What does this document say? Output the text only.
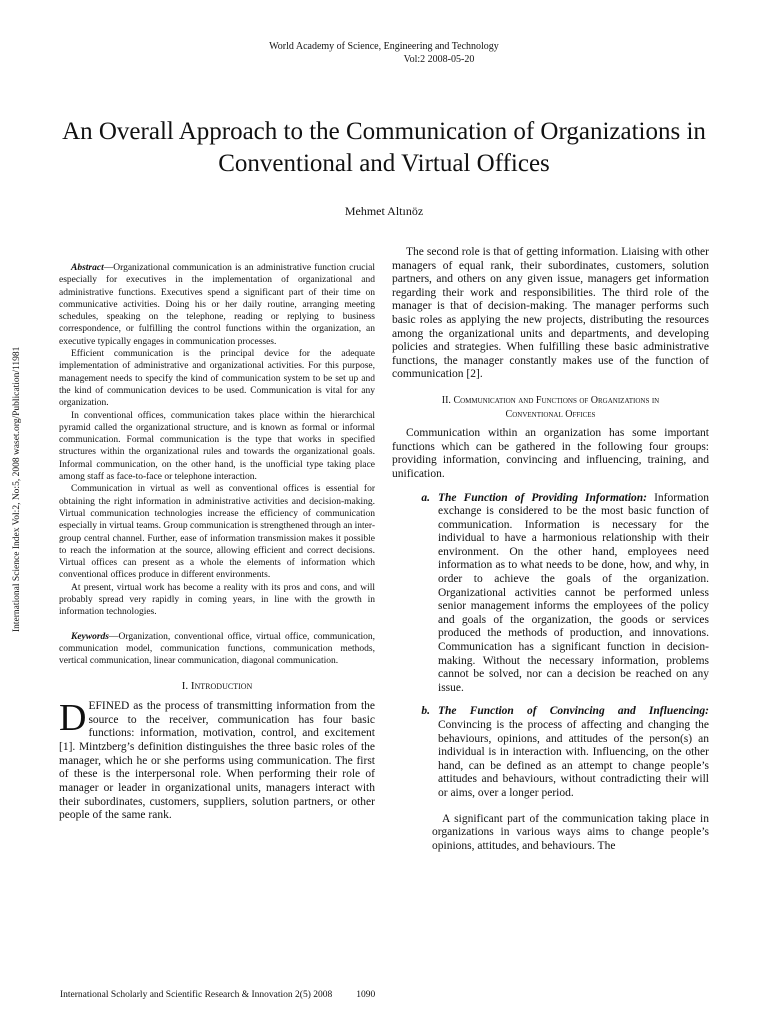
World Academy of Science, Engineering and Technology
Vol:2 2008-05-20
An Overall Approach to the Communication of Organizations in Conventional and Virtual Offices
Mehmet Altınöz
International Science Index Vol:2, No:5, 2008 waset.org/Publication/11981

Abstract—Organizational communication is an administrative function crucial especially for executives in the implementation of organizational and administrative functions. Executives spend a significant part of their time on communicative activities. Doing his or her daily routine, arranging meeting schedules, speaking on the telephone, reading or replying to business correspondence, or fulfilling the control functions within the organization, an executive typically engages in communication processes.

Efficient communication is the principal device for the adequate implementation of administrative and organizational activities. For this purpose, management needs to specify the kind of communication system to be set up and the kind of communication devices to be used. Communication is vital for any organization.

In conventional offices, communication takes place within the hierarchical pyramid called the organizational structure, and is known as formal or informal communication. Formal communication is the type that works in specified structures within the organizational rules and towards the organizational goals. Informal communication, on the other hand, is the unofficial type taking place among staff as face-to-face or telephone interaction.

Communication in virtual as well as conventional offices is essential for obtaining the right information in administrative activities and decision-making. Virtual communication technologies increase the efficiency of communication especially in virtual teams. Group communication is strengthened through an inter-group central channel. Further, ease of information transmission makes it possible to reach the information at the source, allowing efficient and correct decisions. Virtual offices can present as a whole the elements of information which conventional offices produce in different environments.

At present, virtual work has become a reality with its pros and cons, and will probably spread very rapidly in coming years, in line with the growth in information technologies.

Keywords—Organization, conventional office, virtual office, communication, communication model, communication functions, communication methods, vertical communication, linear communication, diagonal communication.

I. Introduction

DEFINED as the process of transmitting information from the source to the receiver, communication has four basic functions: information, motivation, control, and excitement [1]. Mintzberg’s definition distinguishes the three basic roles of the manager, which he or she performs using communication. The first of these is the interpersonal role. When performing their role of manager or leader in organizational units, managers interact with their subordinates, customers, suppliers, solution partners, or other people of the same rank.

The second role is that of getting information. Liaising with other managers of equal rank, their subordinates, customers, solution partners, and others on any given issue, managers get information regarding their work and responsibilities. The third role of the manager is that of decision-making. The manager performs such basic roles as applying the new projects, distributing the resources among the organizational units and departments, and developing policies and strategies. When fulfilling these basic administrative functions, the manager constantly makes use of the function of communication [2].

II. Communication and Functions of Organizations in
Conventional Offices

Communication within an organization has some important functions which can be gathered in the following four groups: providing information, convincing and influencing, training, and unification.

a. The Function of Providing Information: Information exchange is considered to be the most basic function of communication. Information is necessary for the individual to have a harmonious relationship with their environment. On the other hand, employees need information as to what needs to be done, how, and why, in order to achieve the goals of the organization. Organizational activities cannot be performed unless senior management informs the employees of the policy and goals of the organization, the goods or services produced the methods of production, and innovations. Communication has a significant function in decision-making. Without the necessary information, problems cannot be solved, nor can a decision be reached on any issue.
b. The Function of Convincing and Influencing: Convincing is the process of affecting and changing the behaviours, opinions, and attitudes of the person(s) an individual is in interaction with. Influencing, on the other hand, can be defined as an attempt to change people’s attitudes and behaviours, without contradicting their will or aims, over a longer period.

A significant part of the communication taking place in organizations in various ways aims to change people’s opinions, attitudes, and behaviours. The

International Scholarly and Scientific Research & Innovation 2(5) 2008	1090
